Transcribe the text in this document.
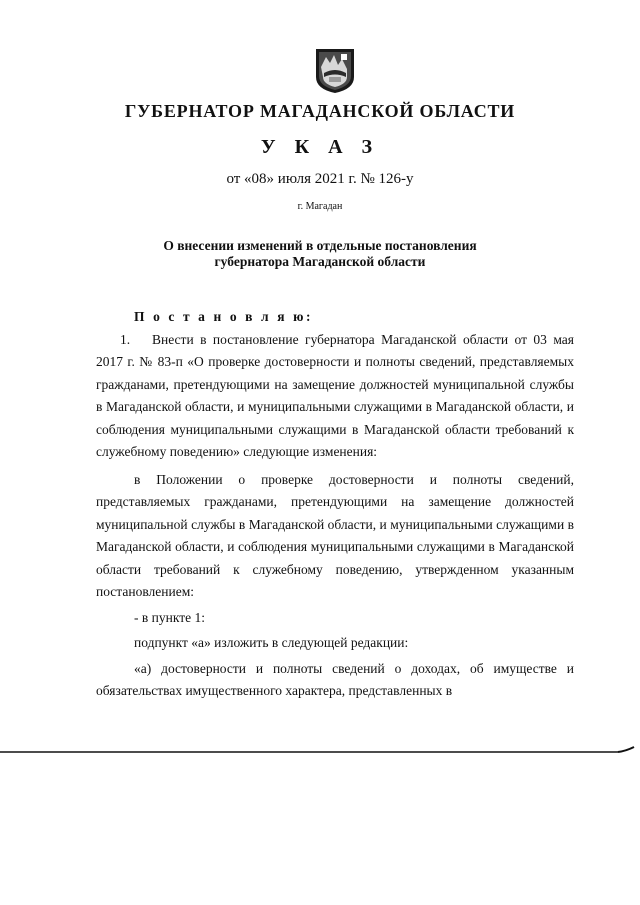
ГУБЕРНАТОР МАГАДАНСКОЙ ОБЛАСТИ
У К А З
от «08» июля 2021 г. № 126-у
г. Магадан
О внесении изменений в отдельные постановления
губернатора Магаданской области

П о с т а н о в л я ю:

1. Внести в постановление губернатора Магаданской области от 03 мая 2017 г. № 83-п «О проверке достоверности и полноты сведений, представляемых гражданами, претендующими на замещение должностей муниципальной службы в Магаданской области, и муниципальными служащими в Магаданской области, и соблюдения муниципальными служащими в Магаданской области требований к служебному поведению» следующие изменения:

в Положении о проверке достоверности и полноты сведений, представляемых гражданами, претендующими на замещение должностей муниципальной службы в Магаданской области, и муниципальными служащими в Магаданской области, и соблюдения муниципальными служащими в Магаданской области требований к служебному поведению, утвержденном указанным постановлением:

- в пункте 1:

подпункт «а» изложить в следующей редакции:

«а) достоверности и полноты сведений о доходах, об имуществе и обязательствах имущественного характера, представленных в
